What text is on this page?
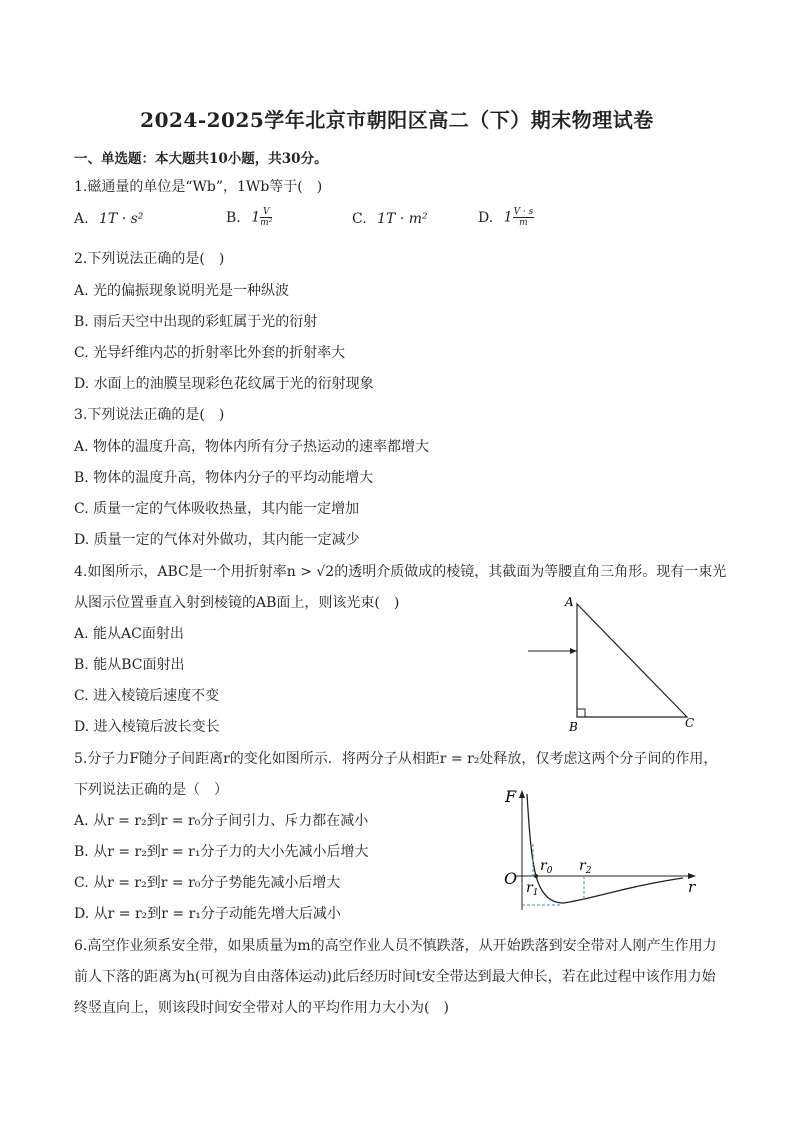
2024-2025学年北京市朝阳区高二（下）期末物理试卷
一、单选题：本大题共10小题，共30分。
1.磁通量的单位是“Wb”，1Wb等于(　)
A. 1T · s²	B. $1 \frac{V}{\text{m²}}$	C. 1T · m²	D. $1 \frac{V \cdot s}{m}$
2.下列说法正确的是(　)
A. 光的偏振现象说明光是一种纵波
B. 雨后天空中出现的彩虹属于光的衍射
C. 光导纤维内芯的折射率比外套的折射率大
D. 水面上的油膜呈现彩色花纹属于光的衍射现象
3.下列说法正确的是(　)
A. 物体的温度升高，物体内所有分子热运动的速率都增大
B. 物体的温度升高，物体内分子的平均动能增大
C. 质量一定的气体吸收热量，其内能一定增加
D. 质量一定的气体对外做功，其内能一定减少
4.如图所示，ABC是一个用折射率n > √2的透明介质做成的棱镜，其截面为等腰直角三角形。现有一束光
从图示位置垂直入射到棱镜的AB面上，则该光束(　)
A. 能从AC面射出
B. 能从BC面射出
C. 进入棱镜后速度不变
D. 进入棱镜后波长变长
A
B	C
5.分子力F随分子间距离r的变化如图所示．将两分子从相距r = r₂处释放，仅考虑这两个分子间的作用，
下列说法正确的是（　）
A. 从r = r₂到r = r₀分子间引力、斥力都在减小
B. 从r = r₂到r = r₁分子力的大小先减小后增大
C. 从r = r₂到r = r₀分子势能先减小后增大
D. 从r = r₂到r = r₁分子动能先增大后减小
F
O	r
$r_0$
$r_1$
$r_2$
6.高空作业须系安全带，如果质量为m的高空作业人员不慎跌落，从开始跌落到安全带对人刚产生作用力
前人下落的距离为h(可视为自由落体运动)此后经历时间t安全带达到最大伸长，若在此过程中该作用力始
终竖直向上，则该段时间安全带对人的平均作用力大小为(　)
